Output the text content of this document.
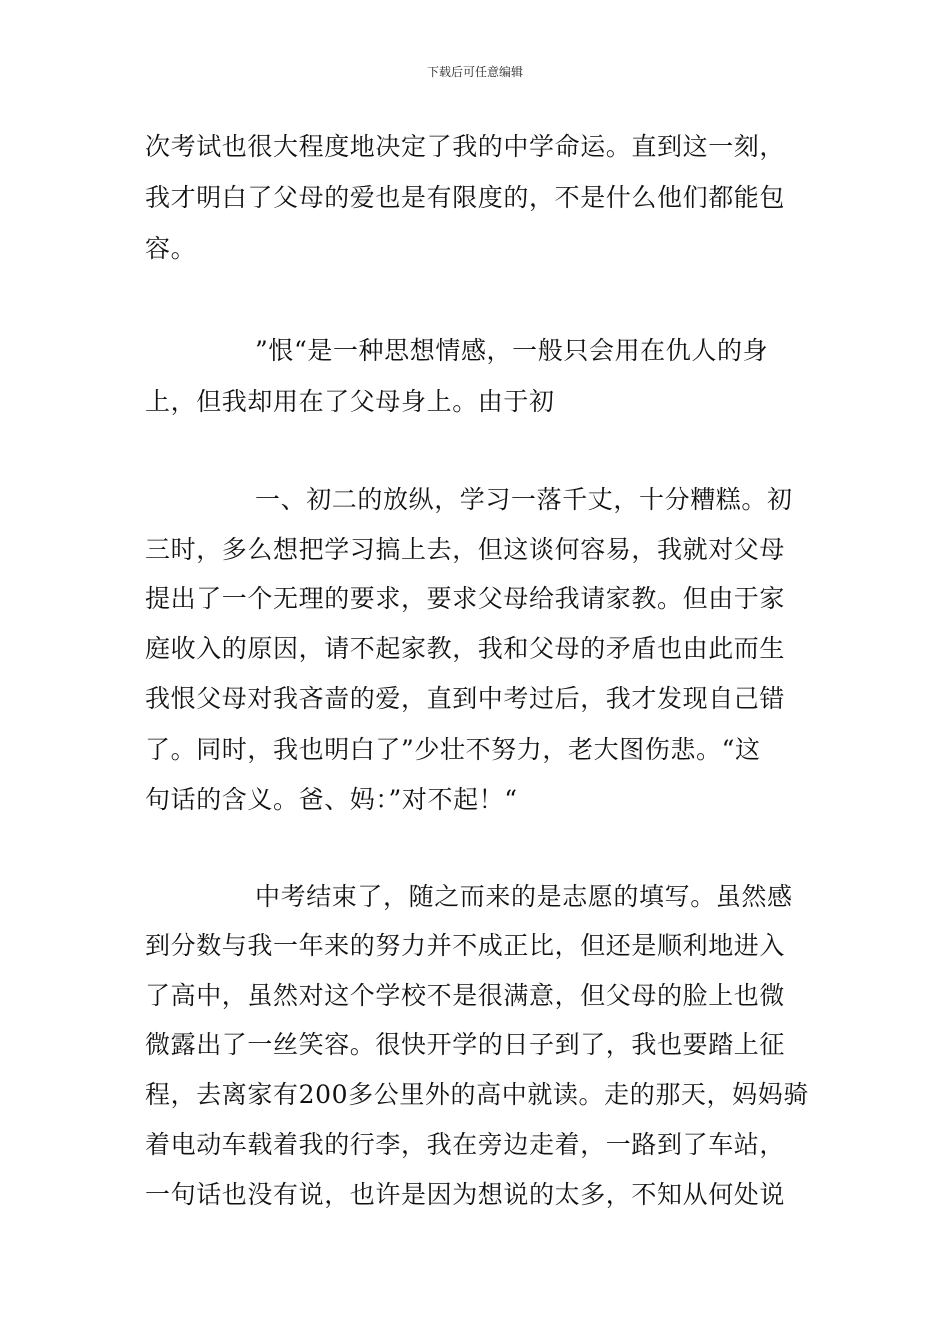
下载后可任意编辑
次考试也很大程度地决定了我的中学命运。直到这一刻，
我才明白了父母的爱也是有限度的，不是什么他们都能包
容。
”恨“是一种思想情感，一般只会用在仇人的身
上，但我却用在了父母身上。由于初
一、初二的放纵，学习一落千丈，十分糟糕。初
三时，多么想把学习搞上去，但这谈何容易，我就对父母
提出了一个无理的要求，要求父母给我请家教。但由于家
庭收入的原因，请不起家教，我和父母的矛盾也由此而生
我恨父母对我吝啬的爱，直到中考过后，我才发现自己错
了。同时，我也明白了”少壮不努力，老大图伤悲。“这
句话的含义。爸、妈：”对不起！“
中考结束了，随之而来的是志愿的填写。虽然感
到分数与我一年来的努力并不成正比，但还是顺利地进入
了高中，虽然对这个学校不是很满意，但父母的脸上也微
微露出了一丝笑容。很快开学的日子到了，我也要踏上征
程，去离家有200多公里外的高中就读。走的那天，妈妈骑
着电动车载着我的行李，我在旁边走着，一路到了车站，
一句话也没有说，也许是因为想说的太多，不知从何处说
